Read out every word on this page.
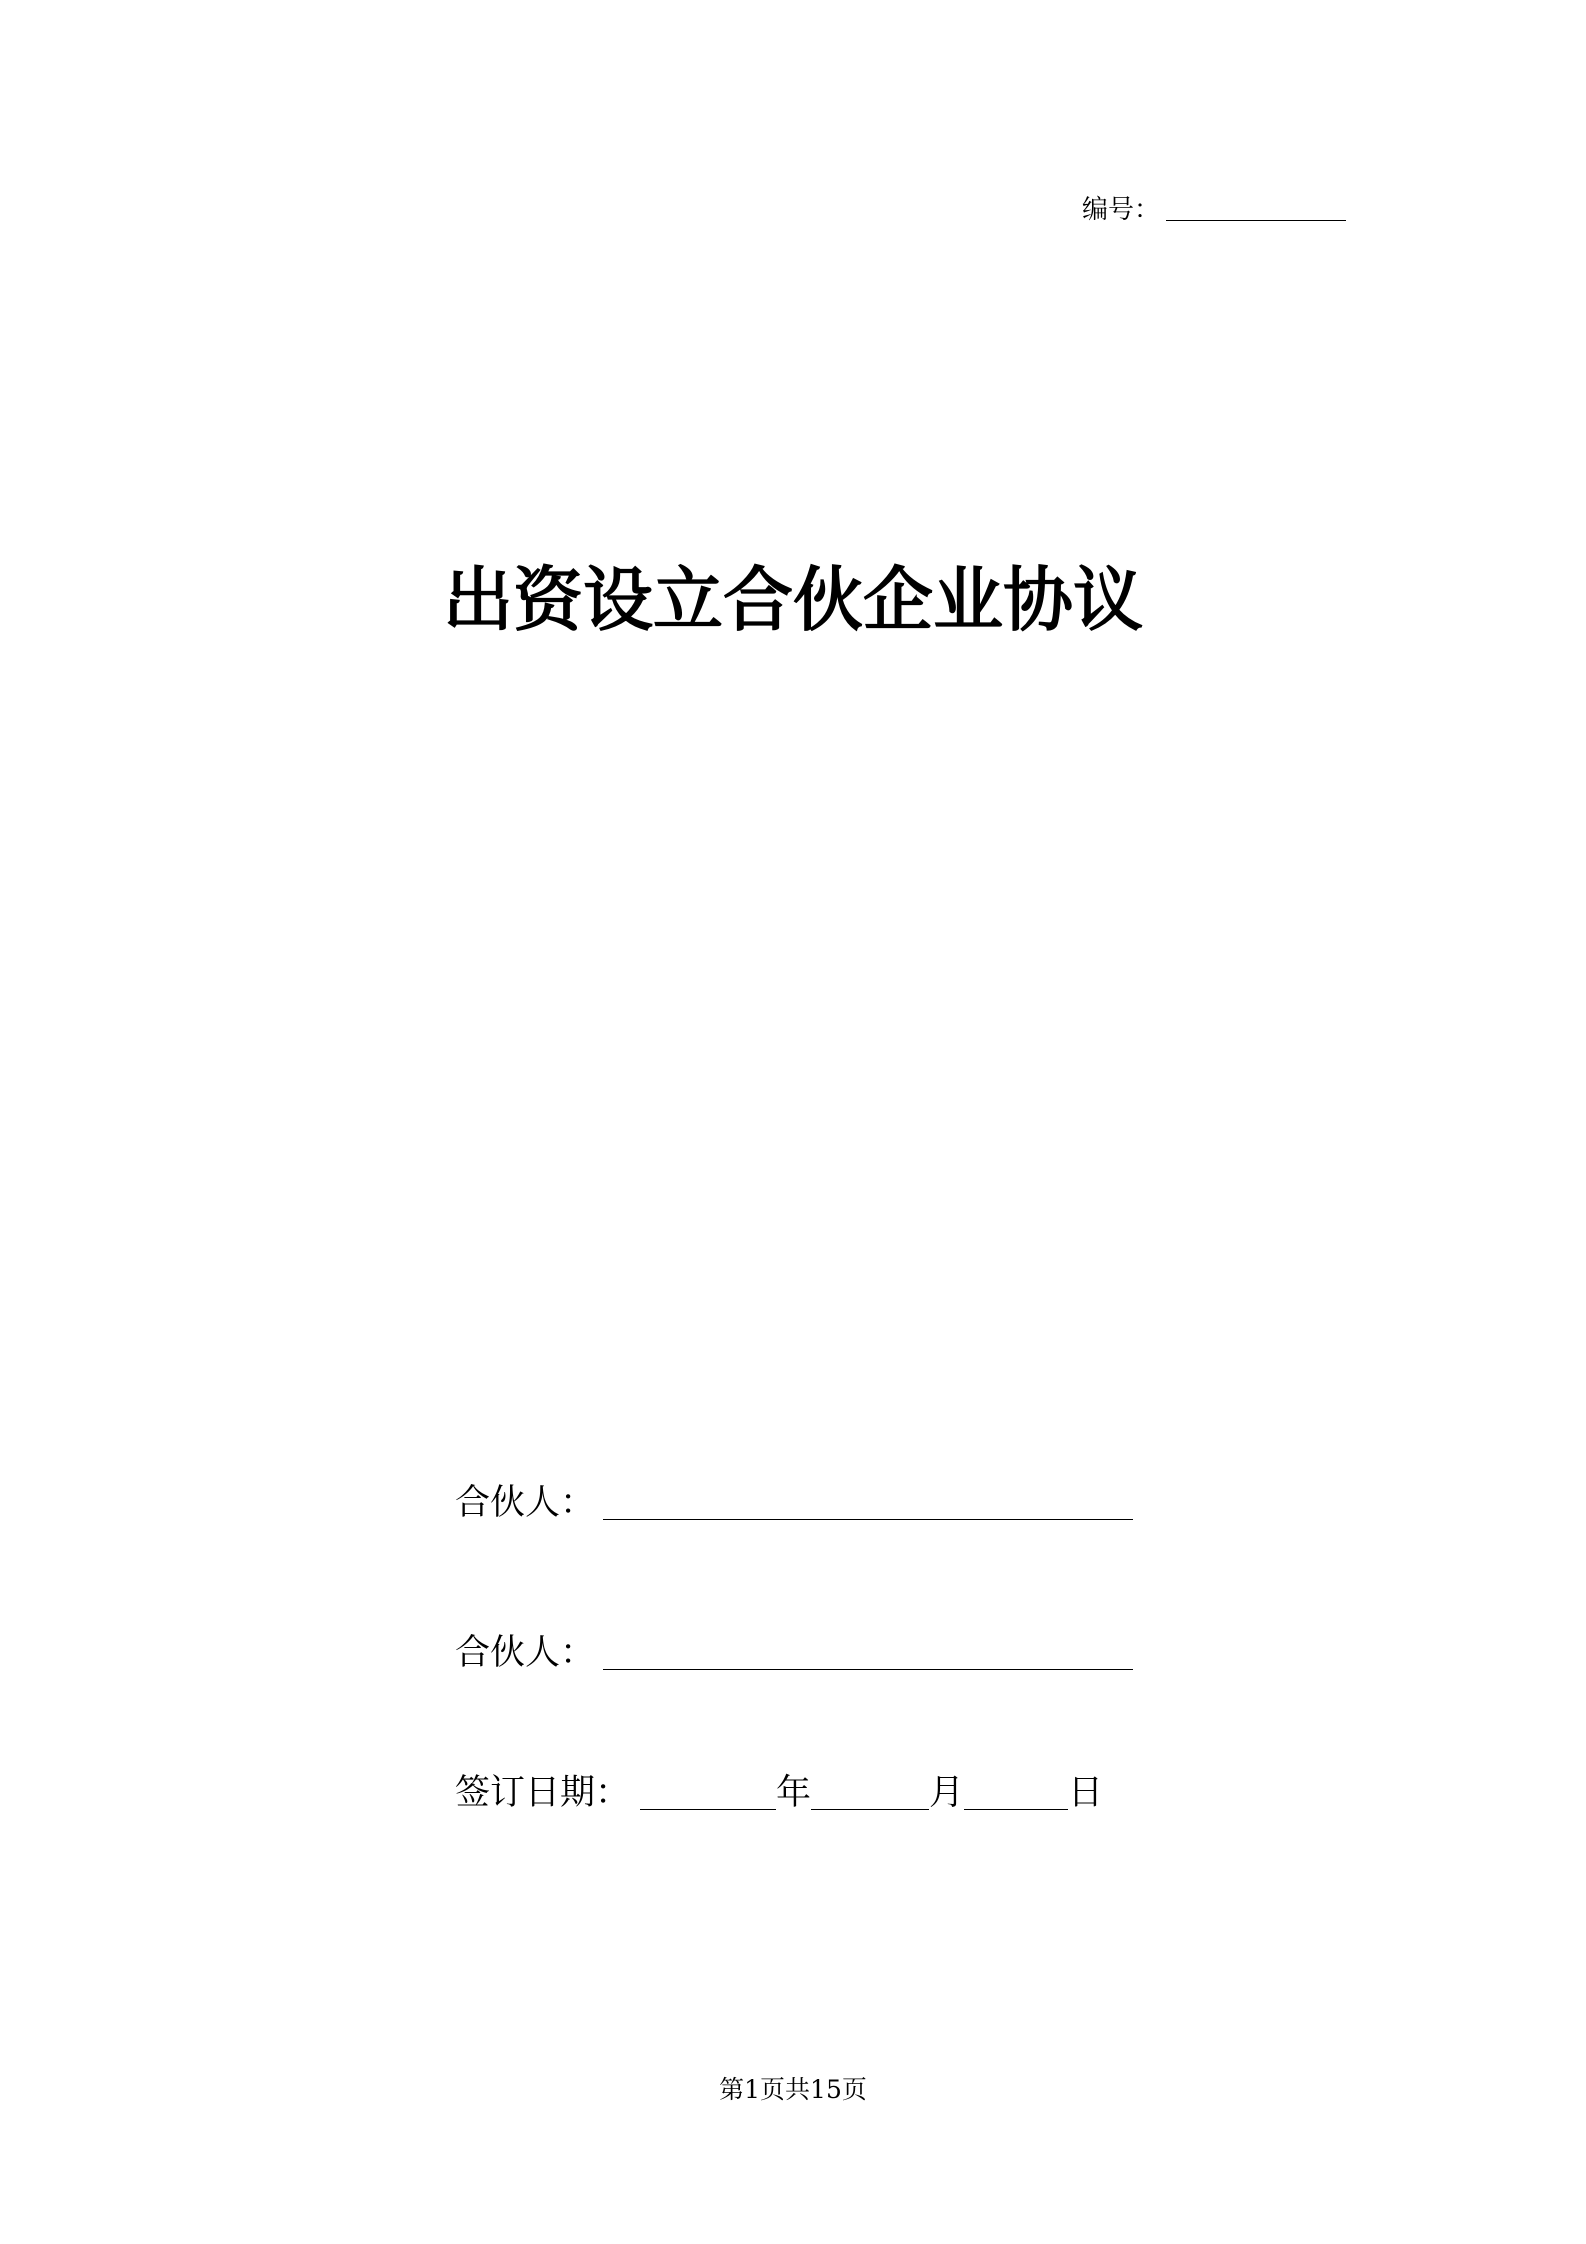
编号：
出资设立合伙企业协议
合伙人：
合伙人：
签订日期：	年	月	日
第1页共15页
